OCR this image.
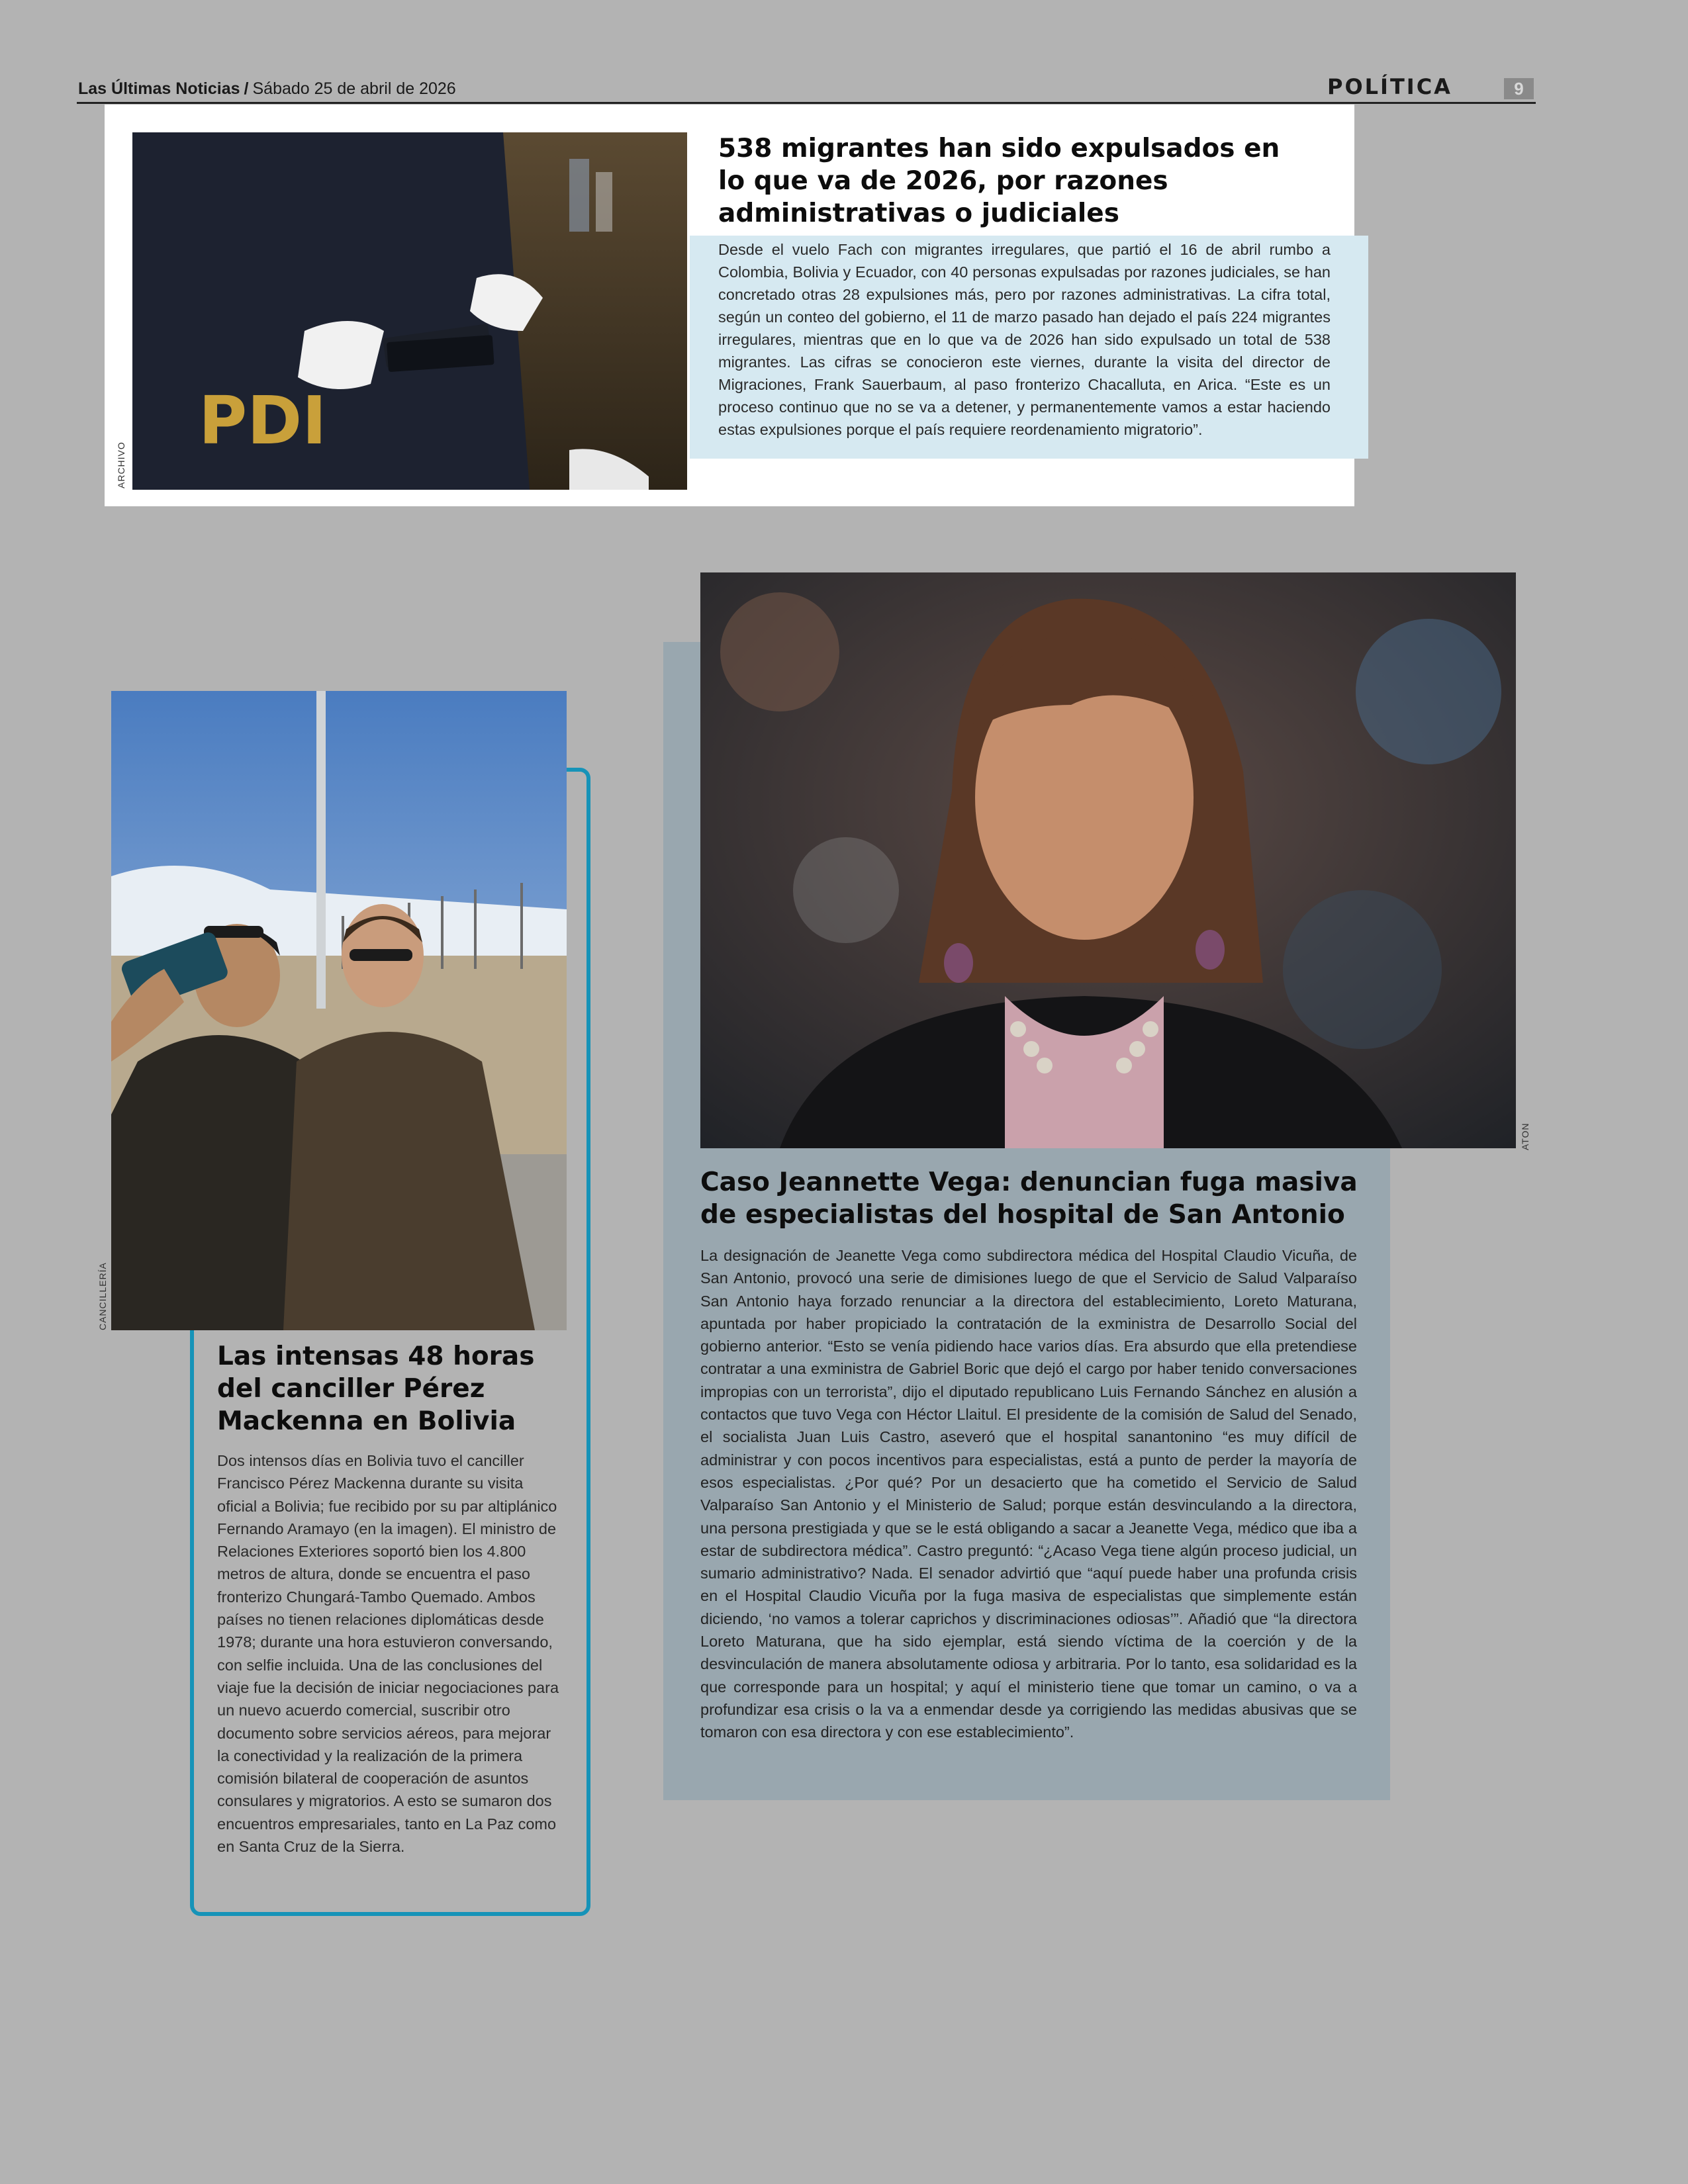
Las Últimas Noticias / Sábado 25 de abril de 2026	POLÍTICA	9
PDI
ARCHIVO
538 migrantes han sido expulsados en lo que va de 2026, por razones administrativas o judiciales
Desde el vuelo Fach con migrantes irregulares, que partió el 16 de abril rumbo a Colombia, Bolivia y Ecuador, con 40 personas expulsadas por razones judiciales, se han concretado otras 28 expulsiones más, pero por razones administrativas. La cifra total, según un conteo del gobierno, el 11 de marzo pasado han dejado el país 224 migrantes irregulares, mientras que en lo que va de 2026 han sido expulsado un total de 538 migrantes. Las cifras se conocieron este viernes, durante la visita del director de Migraciones, Frank Sauerbaum, al paso fronterizo Chacalluta, en Arica. “Este es un proceso continuo que no se va a detener, y permanentemente vamos a estar haciendo estas expulsiones porque el país requiere reordenamiento migratorio”.
CANCILLERÍA
Las intensas 48 horas del canciller Pérez Mackenna en Bolivia
Dos intensos días en Bolivia tuvo el canciller Francisco Pérez Mackenna durante su visita oficial a Bolivia; fue recibido por su par altiplánico Fernando Aramayo (en la imagen). El ministro de Relaciones Exteriores soportó bien los 4.800 metros de altura, donde se encuentra el paso fronterizo Chungará-Tambo Quemado. Ambos países no tienen relaciones diplomáticas desde 1978; durante una hora estuvieron conversando, con selfie incluida. Una de las conclusiones del viaje fue la decisión de iniciar negociaciones para un nuevo acuerdo comercial, suscribir otro documento sobre servicios aéreos, para mejorar la conectividad y la realización de la primera comisión bilateral de cooperación de asuntos consulares y migratorios. A esto se sumaron dos encuentros empresariales, tanto en La Paz como en Santa Cruz de la Sierra.
ATON
Caso Jeannette Vega: denuncian fuga masiva de especialistas del hospital de San Antonio
La designación de Jeanette Vega como subdirectora médica del Hospital Claudio Vicuña, de San Antonio, provocó una serie de dimisiones luego de que el Servicio de Salud Valparaíso San Antonio haya forzado renunciar a la directora del establecimiento, Loreto Maturana, apuntada por haber propiciado la contratación de la exministra de Desarrollo Social del gobierno anterior. “Esto se venía pidiendo hace varios días. Era absurdo que ella pretendiese contratar a una exministra de Gabriel Boric que dejó el cargo por haber tenido conversaciones impropias con un terrorista”, dijo el diputado republicano Luis Fernando Sánchez en alusión a contactos que tuvo Vega con Héctor Llaitul. El presidente de la comisión de Salud del Senado, el socialista Juan Luis Castro, aseveró que el hospital sanantonino “es muy difícil de administrar y con pocos incentivos para especialistas, está a punto de perder la mayoría de esos especialistas. ¿Por qué? Por un desacierto que ha cometido el Servicio de Salud Valparaíso San Antonio y el Ministerio de Salud; porque están desvinculando a la directora, una persona prestigiada y que se le está obligando a sacar a Jeanette Vega, médico que iba a estar de subdirectora médica”. Castro preguntó: “¿Acaso Vega tiene algún proceso judicial, un sumario administrativo? Nada. El senador advirtió que “aquí puede haber una profunda crisis en el Hospital Claudio Vicuña por la fuga masiva de especialistas que simplemente están diciendo, ‘no vamos a tolerar caprichos y discriminaciones odiosas’”. Añadió que “la directora Loreto Maturana, que ha sido ejemplar, está siendo víctima de la coerción y de la desvinculación de manera absolutamente odiosa y arbitraria. Por lo tanto, esa solidaridad es la que corresponde para un hospital; y aquí el ministerio tiene que tomar un camino, o va a profundizar esa crisis o la va a enmendar desde ya corrigiendo las medidas abusivas que se tomaron con esa directora y con ese establecimiento”.
